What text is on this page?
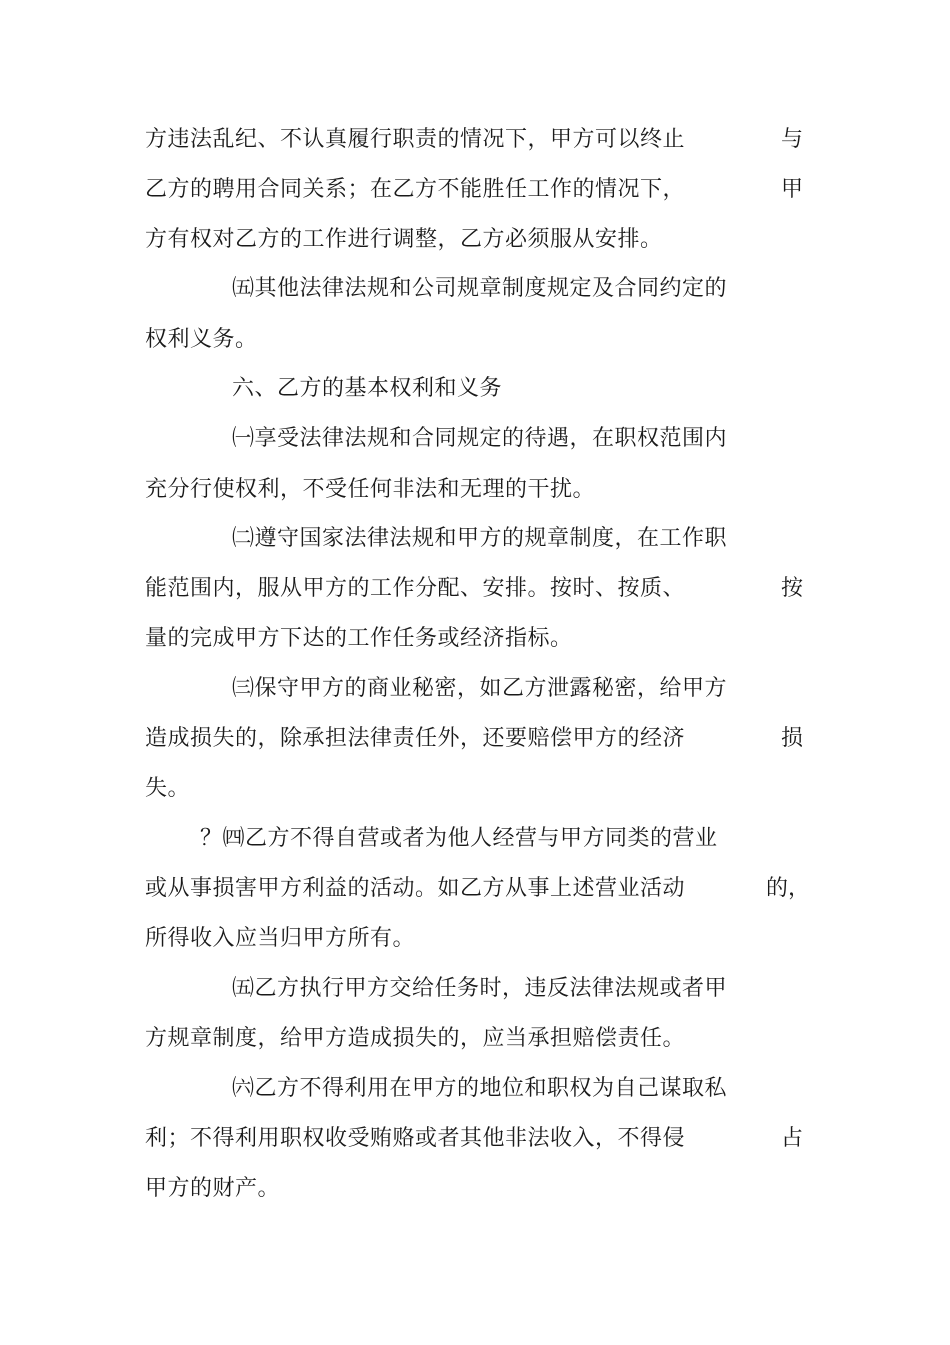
方违法乱纪、不认真履行职责的情况下，甲方可以终止	与
乙方的聘用合同关系；在乙方不能胜任工作的情况下，	甲
方有权对乙方的工作进行调整，乙方必须服从安排。
㈤其他法律法规和公司规章制度规定及合同约定的
权利义务。
六、乙方的基本权利和义务
㈠享受法律法规和合同规定的待遇，在职权范围内
充分行使权利，不受任何非法和无理的干扰。
㈡遵守国家法律法规和甲方的规章制度，在工作职
能范围内，服从甲方的工作分配、安排。按时、按质、	按
量的完成甲方下达的工作任务或经济指标。
㈢保守甲方的商业秘密，如乙方泄露秘密，给甲方
造成损失的，除承担法律责任外，还要赔偿甲方的经济	损
失。
？㈣乙方不得自营或者为他人经营与甲方同类的营业
或从事损害甲方利益的活动。如乙方从事上述营业活动	的，
所得收入应当归甲方所有。
㈤乙方执行甲方交给任务时，违反法律法规或者甲
方规章制度，给甲方造成损失的，应当承担赔偿责任。
㈥乙方不得利用在甲方的地位和职权为自己谋取私
利；不得利用职权收受贿赂或者其他非法收入，不得侵	占
甲方的财产。
